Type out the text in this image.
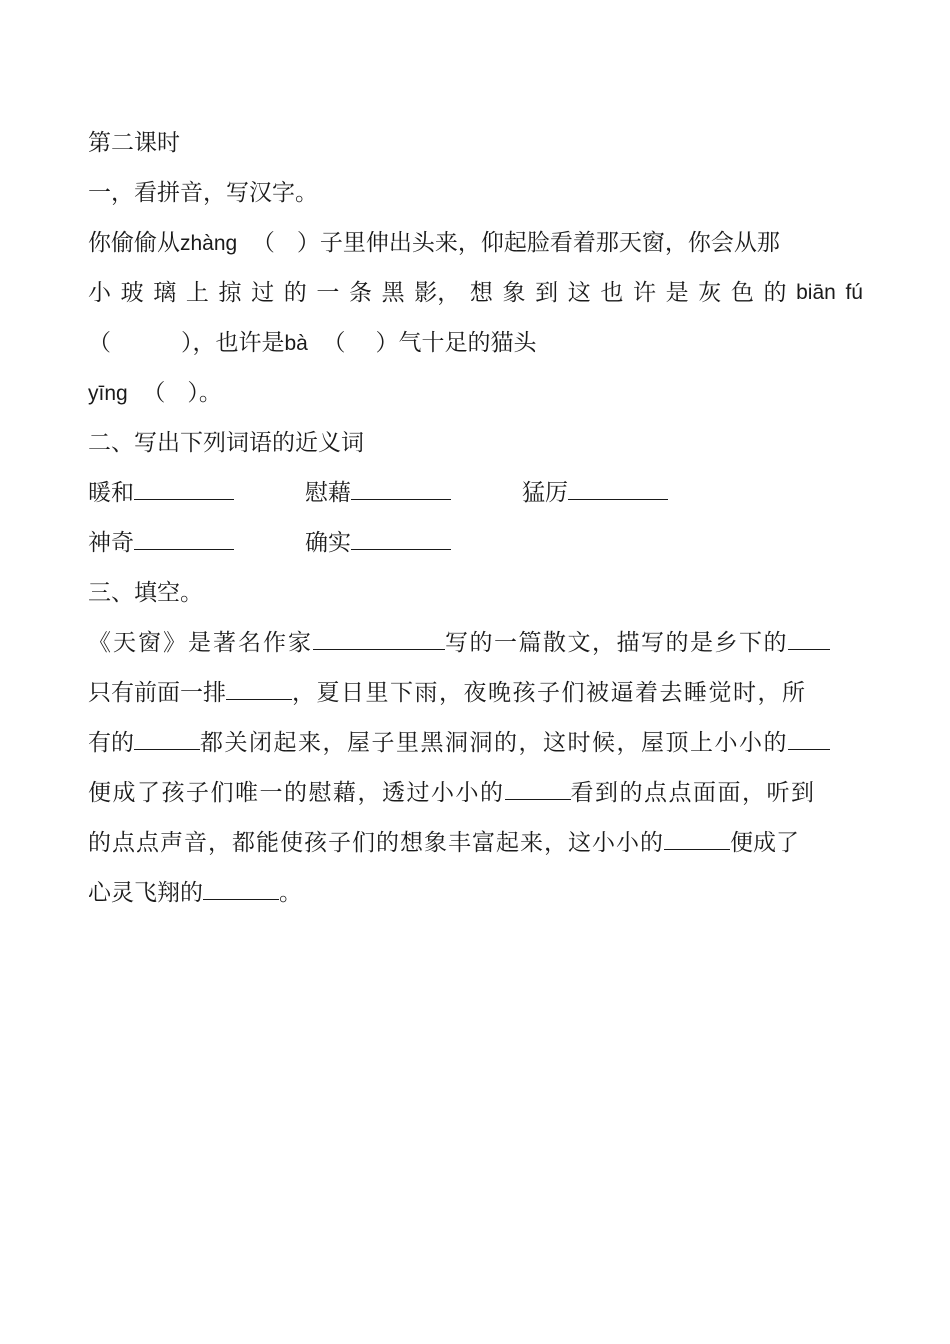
第二课时
一，看拼音，写汉字。
你偷偷从zhàng （ ）子里伸出头来，仰起脸看着那天窗，你会从那
小 玻 璃 上 掠 过 的 一 条 黑 影， 想 象 到 这 也 许 是 灰 色 的 biān fú
（	），也许是bà （ ）气十足的猫头
yīng （ ）。
二、写出下列词语的近义词
暖和	慰藉	猛厉
神奇	确实
三、填空。
《天窗》是著名作家	写的一篇散文，描写的是乡下的
只有前面一排	，夏日里下雨，夜晚孩子们被逼着去睡觉时，所
有的	都关闭起来，屋子里黑洞洞的，这时候，屋顶上小小的
便成了孩子们唯一的慰藉，透过小小的	看到的点点面面，听到
的点点声音，都能使孩子们的想象丰富起来，这小小的	便成了
心灵飞翔的	。
